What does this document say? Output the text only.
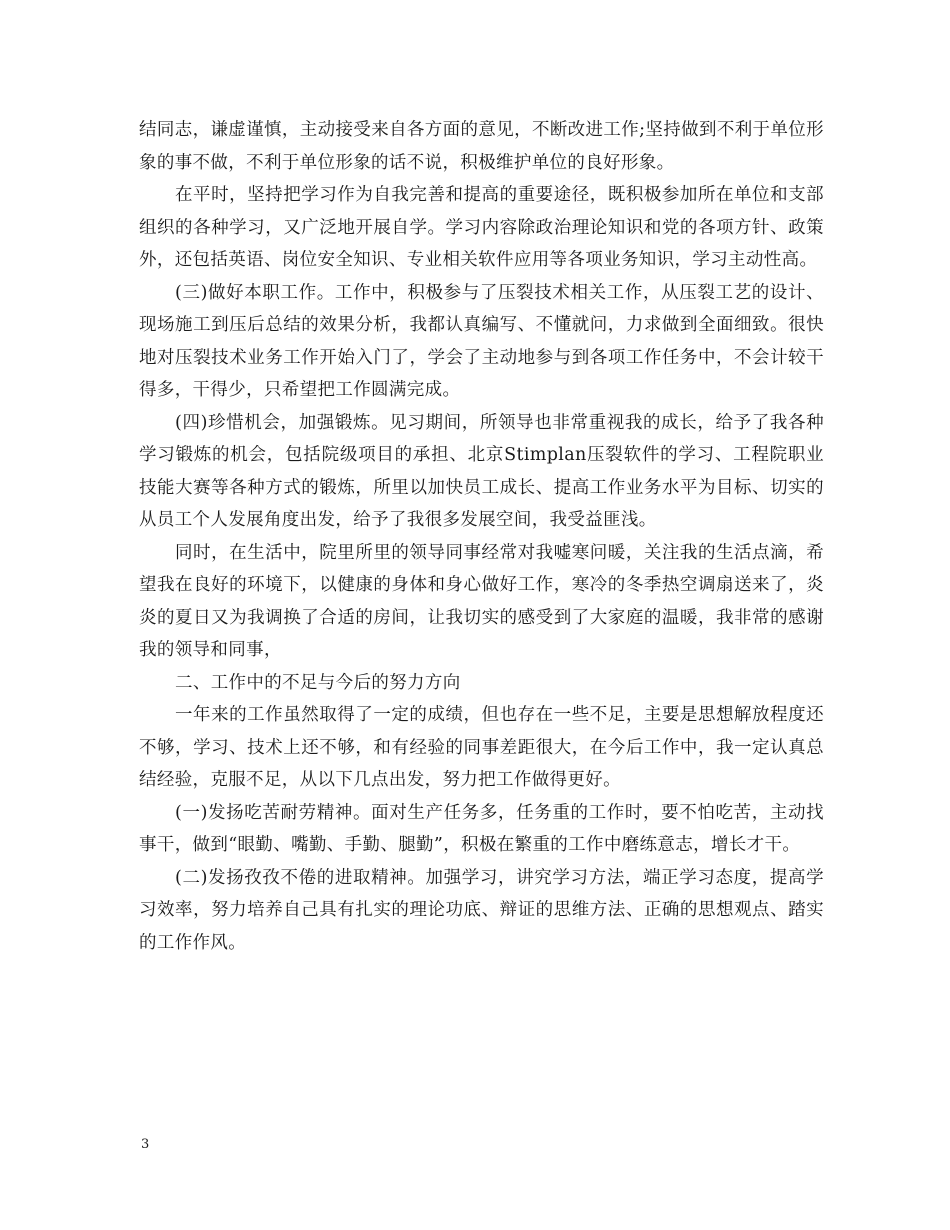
结同志，谦虚谨慎，主动接受来自各方面的意见，不断改进工作;坚持做到不利于单位形象的事不做，不利于单位形象的话不说，积极维护单位的良好形象。

在平时，坚持把学习作为自我完善和提高的重要途径，既积极参加所在单位和支部组织的各种学习，又广泛地开展自学。学习内容除政治理论知识和党的各项方针、政策外，还包括英语、岗位安全知识、专业相关软件应用等各项业务知识，学习主动性高。

(三)做好本职工作。工作中，积极参与了压裂技术相关工作，从压裂工艺的设计、现场施工到压后总结的效果分析，我都认真编写、不懂就问，力求做到全面细致。很快地对压裂技术业务工作开始入门了，学会了主动地参与到各项工作任务中，不会计较干得多，干得少，只希望把工作圆满完成。

(四)珍惜机会，加强锻炼。见习期间，所领导也非常重视我的成长，给予了我各种学习锻炼的机会，包括院级项目的承担、北京Stimplan压裂软件的学习、工程院职业技能大赛等各种方式的锻炼，所里以加快员工成长、提高工作业务水平为目标、切实的从员工个人发展角度出发，给予了我很多发展空间，我受益匪浅。

同时，在生活中，院里所里的领导同事经常对我嘘寒问暖，关注我的生活点滴，希望我在良好的环境下，以健康的身体和身心做好工作，寒冷的冬季热空调扇送来了，炎炎的夏日又为我调换了合适的房间，让我切实的感受到了大家庭的温暖，我非常的感谢我的领导和同事，

二、工作中的不足与今后的努力方向

一年来的工作虽然取得了一定的成绩，但也存在一些不足，主要是思想解放程度还不够，学习、技术上还不够，和有经验的同事差距很大，在今后工作中，我一定认真总结经验，克服不足，从以下几点出发，努力把工作做得更好。

(一)发扬吃苦耐劳精神。面对生产任务多，任务重的工作时，要不怕吃苦，主动找事干，做到“眼勤、嘴勤、手勤、腿勤”，积极在繁重的工作中磨练意志，增长才干。

(二)发扬孜孜不倦的进取精神。加强学习，讲究学习方法，端正学习态度，提高学习效率，努力培养自己具有扎实的理论功底、辩证的思维方法、正确的思想观点、踏实的工作作风。

3
